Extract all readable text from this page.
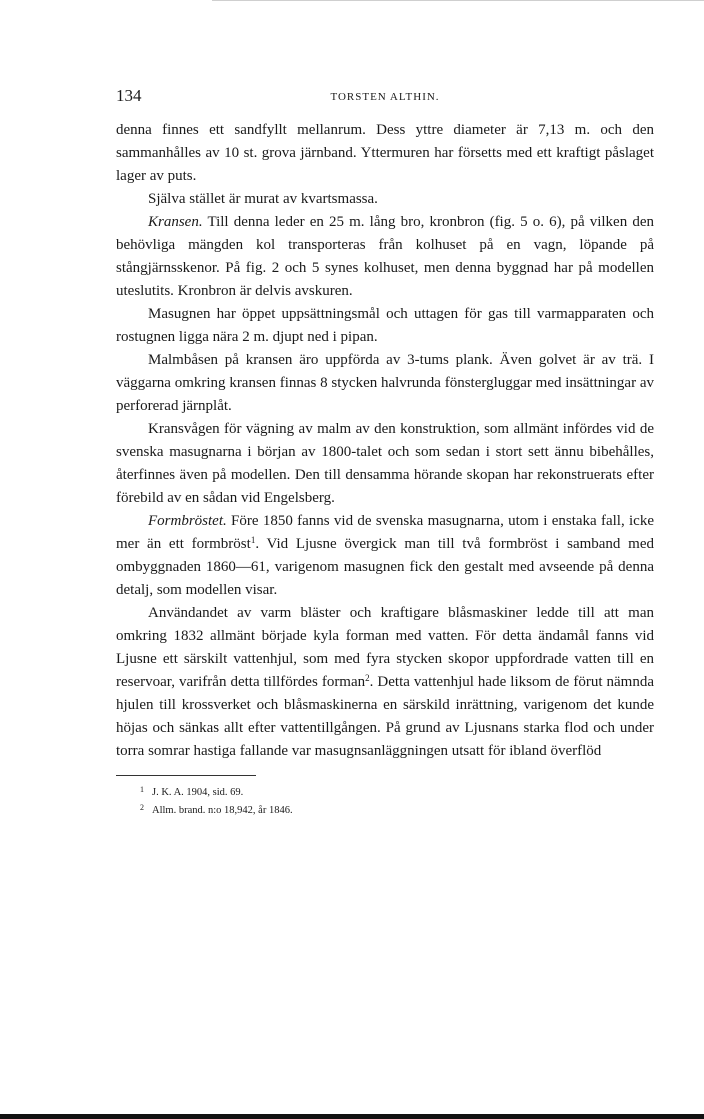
134	TORSTEN ALTHIN.

denna finnes ett sandfyllt mellanrum. Dess yttre diameter är 7,13 m. och den sammanhålles av 10 st. grova järnband. Yttermuren har försetts med ett kraftigt påslaget lager av puts.

Själva stället är murat av kvartsmassa.

Kransen. Till denna leder en 25 m. lång bro, kronbron (fig. 5 o. 6), på vilken den behövliga mängden kol transporteras från kolhuset på en vagn, löpande på stångjärnsskenor. På fig. 2 och 5 synes kolhuset, men denna byggnad har på modellen uteslutits. Kronbron är delvis avskuren.

Masugnen har öppet uppsättningsmål och uttagen för gas till varmapparaten och rostugnen ligga nära 2 m. djupt ned i pipan.

Malmbåsen på kransen äro uppförda av 3-tums plank. Även golvet är av trä. I väggarna omkring kransen finnas 8 stycken halvrunda fönstergluggar med insättningar av perforerad järnplåt.

Kransvågen för vägning av malm av den konstruktion, som allmänt infördes vid de svenska masugnarna i början av 1800-talet och som sedan i stort sett ännu bibehålles, återfinnes även på modellen. Den till densamma hörande skopan har rekonstruerats efter förebild av en sådan vid Engelsberg.

Formbröstet. Före 1850 fanns vid de svenska masugnarna, utom i enstaka fall, icke mer än ett formbröst$^1$. Vid Ljusne övergick man till två formbröst i samband med ombyggnaden 1860—61, varigenom masugnen fick den gestalt med avseende på denna detalj, som modellen visar.

Användandet av varm bläster och kraftigare blåsmaskiner ledde till att man omkring 1832 allmänt började kyla forman med vatten. För detta ändamål fanns vid Ljusne ett särskilt vattenhjul, som med fyra stycken skopor uppfordrade vatten till en reservoar, varifrån detta tillfördes forman$^2$. Detta vattenhjul hade liksom de förut nämnda hjulen till krossverket och blåsmaskinerna en särskild inrättning, varigenom det kunde höjas och sänkas allt efter vattentillgången. På grund av Ljusnans starka flod och under torra somrar hastiga fallande var masugnsanläggningen utsatt för ibland överflöd

1 J. K. A. 1904, sid. 69.
2 Allm. brand. n:o 18,942, år 1846.
